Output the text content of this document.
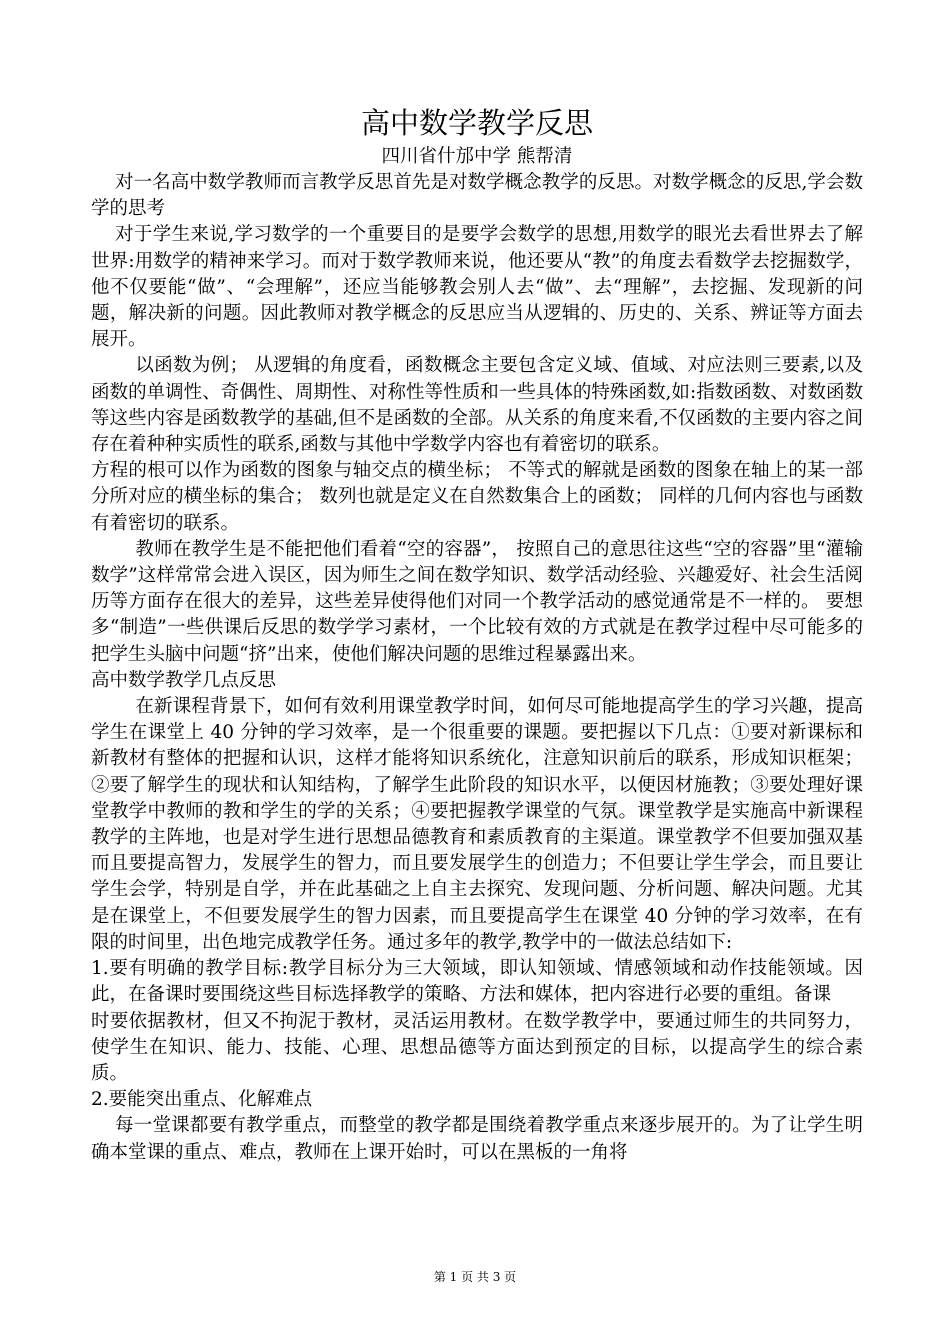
高中数学教学反思

四川省什邡中学 熊帮清

对一名高中数学教师而言教学反思首先是对数学概念教学的反思。对数学概念的反思,学会数学的思考

对于学生来说,学习数学的一个重要目的是要学会数学的思想,用数学的眼光去看世界去了解世界:用数学的精神来学习。而对于数学教师来说，他还要从“教”的角度去看数学去挖掘数学，他不仅要能“做”、“会理解”，还应当能够教会别人去“做”、去“理解”，去挖掘、发现新的问题，解决新的问题。因此教师对教学概念的反思应当从逻辑的、历史的、关系、辨证等方面去展开。

以函数为例； 从逻辑的角度看，函数概念主要包含定义域、值域、对应法则三要素,以及函数的单调性、奇偶性、周期性、对称性等性质和一些具体的特殊函数,如:指数函数、对数函数等这些内容是函数教学的基础,但不是函数的全部。从关系的角度来看,不仅函数的主要内容之间存在着种种实质性的联系,函数与其他中学数学内容也有着密切的联系。

方程的根可以作为函数的图象与轴交点的横坐标； 不等式的解就是函数的图象在轴上的某一部分所对应的横坐标的集合； 数列也就是定义在自然数集合上的函数； 同样的几何内容也与函数有着密切的联系。

教师在教学生是不能把他们看着“空的容器”， 按照自己的意思往这些“空的容器”里“灌输数学”这样常常会进入误区，因为师生之间在数学知识、数学活动经验、兴趣爱好、社会生活阅历等方面存在很大的差异，这些差异使得他们对同一个教学活动的感觉通常是不一样的。 要想多“制造”一些供课后反思的数学学习素材，一个比较有效的方式就是在教学过程中尽可能多的把学生头脑中问题“挤”出来，使他们解决问题的思维过程暴露出来。

高中数学教学几点反思

在新课程背景下，如何有效利用课堂教学时间，如何尽可能地提高学生的学习兴趣，提高学生在课堂上 40 分钟的学习效率，是一个很重要的课题。要把握以下几点：①要对新课标和新教材有整体的把握和认识，这样才能将知识系统化，注意知识前后的联系，形成知识框架；②要了解学生的现状和认知结构，了解学生此阶段的知识水平，以便因材施教；③要处理好课堂教学中教师的教和学生的学的关系；④要把握教学课堂的气氛。课堂教学是实施高中新课程教学的主阵地，也是对学生进行思想品德教育和素质教育的主渠道。课堂教学不但要加强双基而且要提高智力，发展学生的智力，而且要发展学生的创造力；不但要让学生学会，而且要让学生会学，特别是自学，并在此基础之上自主去探究、发现问题、分析问题、解决问题。尤其是在课堂上，不但要发展学生的智力因素，而且要提高学生在课堂 40 分钟的学习效率，在有限的时间里，出色地完成教学任务。通过多年的教学,教学中的一做法总结如下:

1.要有明确的教学目标:教学目标分为三大领域，即认知领域、情感领域和动作技能领域。因此，在备课时要围绕这些目标选择教学的策略、方法和媒体，把内容进行必要的重组。备课

时要依据教材，但又不拘泥于教材，灵活运用教材。在数学教学中，要通过师生的共同努力，使学生在知识、能力、技能、心理、思想品德等方面达到预定的目标，以提高学生的综合素质。

2.要能突出重点、化解难点

每一堂课都要有教学重点，而整堂的教学都是围绕着教学重点来逐步展开的。为了让学生明确本堂课的重点、难点，教师在上课开始时，可以在黑板的一角将

第 1 页 共 3 页
